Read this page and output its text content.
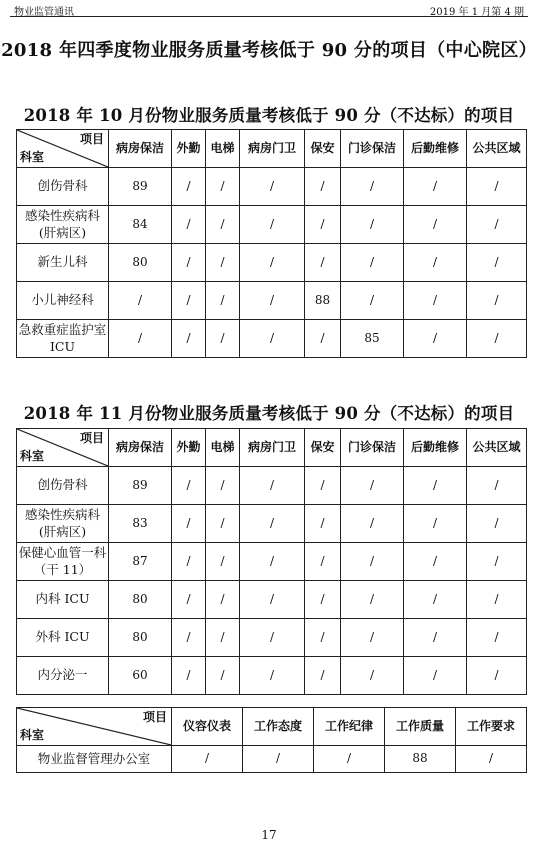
物业监管通讯	2019 年 1 月第 4 期
2018 年四季度物业服务质量考核低于 90 分的项目（中心院区）
2018 年 10 月份物业服务质量考核低于 90 分（不达标）的项目
项目
科室	病房保洁	外勤	电梯	病房门卫	保安	门诊保洁	后勤维修	公共区域
创伤骨科	89	/	/	/	/	/	/	/
感染性疾病科(肝病区)	84	/	/	/	/	/	/	/
新生儿科	80	/	/	/	/	/	/	/
小儿神经科	/	/	/	/	88	/	/	/
急救重症监护室 ICU	/	/	/	/	/	85	/	/
2018 年 11 月份物业服务质量考核低于 90 分（不达标）的项目
项目
科室	病房保洁	外勤	电梯	病房门卫	保安	门诊保洁	后勤维修	公共区域
创伤骨科	89	/	/	/	/	/	/	/
感染性疾病科(肝病区)	83	/	/	/	/	/	/	/
保健心血管一科（干 11）	87	/	/	/	/	/	/	/
内科 ICU	80	/	/	/	/	/	/	/
外科 ICU	80	/	/	/	/	/	/	/
内分泌一	60	/	/	/	/	/	/	/
项目
科室	仪容仪表	工作态度	工作纪律	工作质量	工作要求
物业监督管理办公室	/	/	/	88	/
17
